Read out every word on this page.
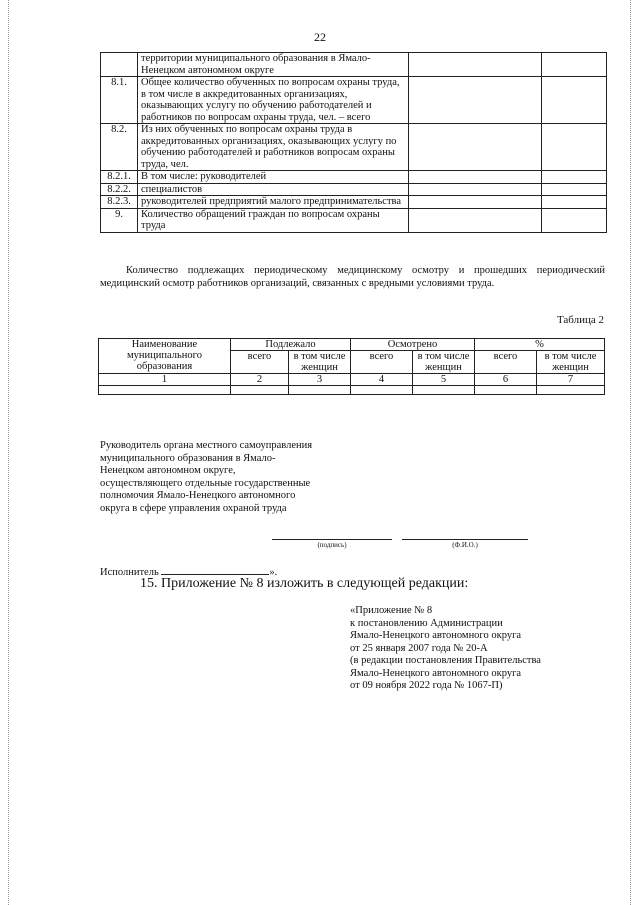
22
	территории муниципального образования в Ямало-Ненецком автономном округе		
8.1.	Общее количество обученных по вопросам охраны труда, в том числе в аккредитованных организациях, оказывающих услугу по обучению работодателей и работников по вопросам охраны труда, чел. – всего		
8.2.	Из них обученных по вопросам охраны труда в аккредитованных организациях, оказывающих услугу по обучению работодателей и работников вопросам охраны труда, чел.		
8.2.1.	В том числе: руководителей		
8.2.2.	специалистов		
8.2.3.	руководителей предприятий малого предпринимательства		
9.	Количество обращений граждан по вопросам охраны труда		
Количество подлежащих периодическому медицинскому осмотру и прошедших периодический медицинский осмотр работников организаций, связанных с вредными условиями труда.
Таблица 2
Наименование муниципального образования	Подлежало		Осмотрено		%	
	всего	в том числе женщин	всего	в том числе женщин	всего	в том числе женщин
1	2	3	4	5	6	7

Руководитель органа местного самоуправления муниципального образования в Ямало-Ненецком автономном округе, осуществляющего отдельные государственные полномочия Ямало-Ненецкого автономного округа в сфере управления охраной труда
(подпись)	(Ф.И.О.)
Исполнитель	».
15. Приложение № 8 изложить в следующей редакции:
«Приложение № 8
к постановлению Администрации
Ямало-Ненецкого автономного округа
от 25 января 2007 года № 20-А
(в редакции постановления Правительства
Ямало-Ненецкого автономного округа
от 09 ноября 2022 года № 1067-П)
